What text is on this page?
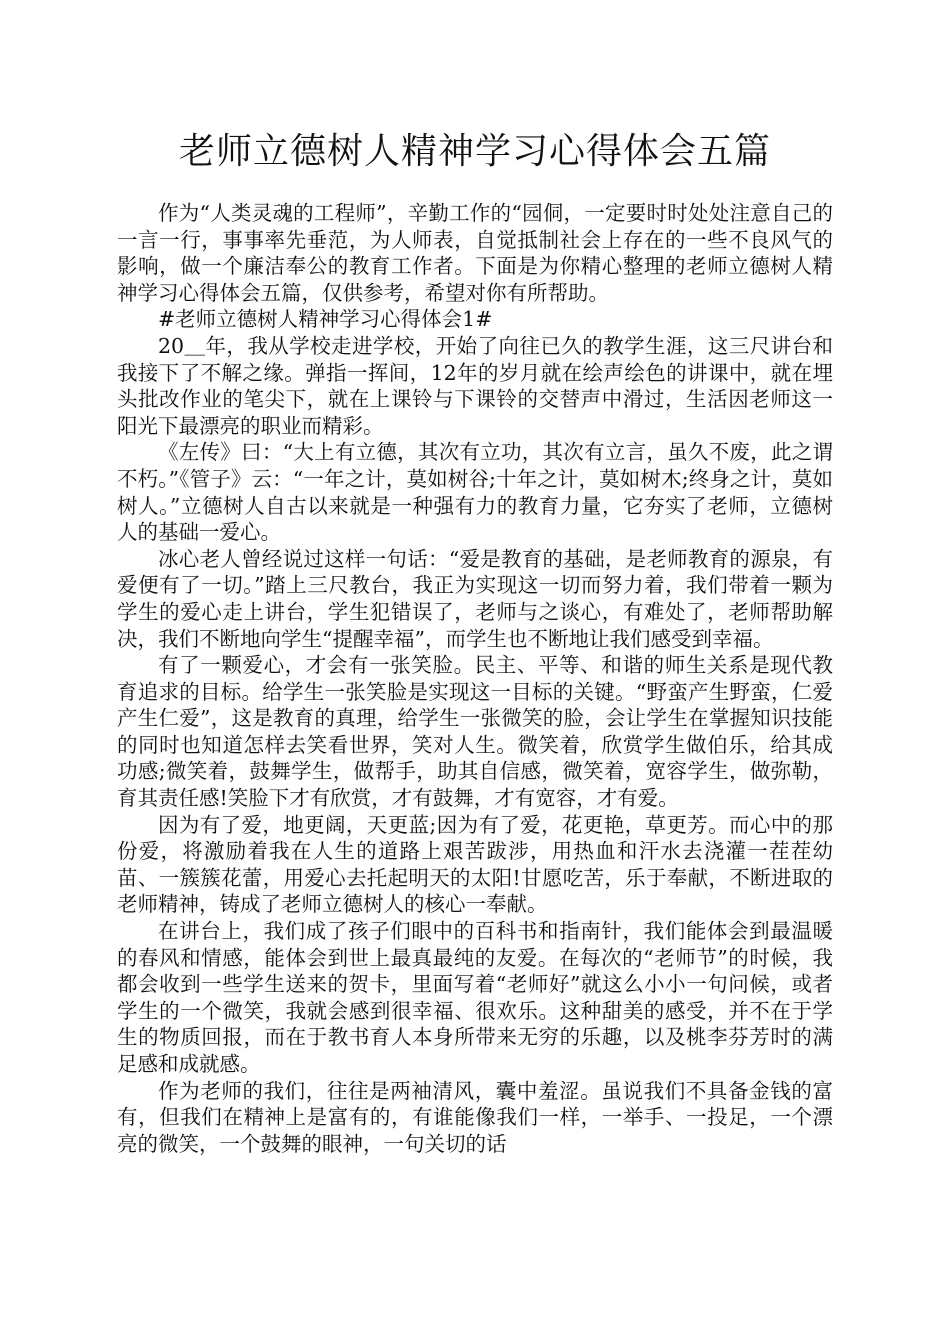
老师立德树人精神学习心得体会五篇

作为“人类灵魂的工程师”，辛勤工作的“园侗，一定要时时处处注意自己的一言一行，事事率先垂范，为人师表，自觉抵制社会上存在的一些不良风气的影响，做一个廉洁奉公的教育工作者。下面是为你精心整理的老师立德树人精神学习心得体会五篇，仅供参考，希望对你有所帮助。

#老师立德树人精神学习心得体会1#

20＿年，我从学校走进学校，开始了向往已久的教学生涯，这三尺讲台和我接下了不解之缘。弹指一挥间，12年的岁月就在绘声绘色的讲课中，就在埋头批改作业的笔尖下，就在上课铃与下课铃的交替声中滑过，生活因老师这一阳光下最漂亮的职业而精彩。

《左传》曰：“大上有立德，其次有立功，其次有立言，虽久不废，此之谓不朽。”《管子》云：“一年之计，莫如树谷;十年之计，莫如树木;终身之计，莫如树人。”立德树人自古以来就是一种强有力的教育力量，它夯实了老师，立德树人的基础一爱心。

冰心老人曾经说过这样一句话：“爱是教育的基础，是老师教育的源泉，有爱便有了一切。”踏上三尺教台，我正为实现这一切而努力着，我们带着一颗为学生的爱心走上讲台，学生犯错误了，老师与之谈心，有难处了，老师帮助解决，我们不断地向学生“提醒幸福”，而学生也不断地让我们感受到幸福。

有了一颗爱心，才会有一张笑脸。民主、平等、和谐的师生关系是现代教育追求的目标。给学生一张笑脸是实现这一目标的关键。“野蛮产生野蛮，仁爱产生仁爱”，这是教育的真理，给学生一张微笑的脸，会让学生在掌握知识技能的同时也知道怎样去笑看世界，笑对人生。微笑着，欣赏学生做伯乐，给其成功感;微笑着，鼓舞学生，做帮手，助其自信感，微笑着，宽容学生，做弥勒，育其责任感!笑脸下才有欣赏，才有鼓舞，才有宽容，才有爱。

因为有了爱，地更阔，天更蓝;因为有了爱，花更艳，草更芳。而心中的那份爱，将激励着我在人生的道路上艰苦跋涉，用热血和汗水去浇灌一茬茬幼苗、一簇簇花蕾，用爱心去托起明天的太阳!甘愿吃苦，乐于奉献，不断进取的老师精神，铸成了老师立德树人的核心一奉献。

在讲台上，我们成了孩子们眼中的百科书和指南针，我们能体会到最温暖的春风和情感，能体会到世上最真最纯的友爱。在每次的“老师节”的时候，我都会收到一些学生送来的贺卡，里面写着“老师好”就这么小小一句问候，或者学生的一个微笑，我就会感到很幸福、很欢乐。这种甜美的感受，并不在于学生的物质回报，而在于教书育人本身所带来无穷的乐趣，以及桃李芬芳时的满足感和成就感。

作为老师的我们，往往是两袖清风，囊中羞涩。虽说我们不具备金钱的富有，但我们在精神上是富有的，有谁能像我们一样，一举手、一投足，一个漂亮的微笑，一个鼓舞的眼神，一句关切的话
